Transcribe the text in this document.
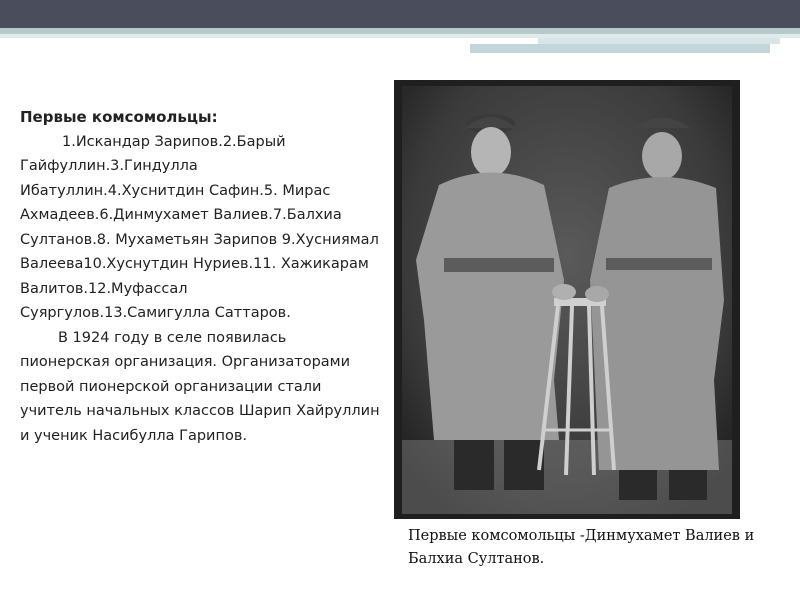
Первые комсомольцы:
1.Искандар Зарипов.2.Барый Гайфуллин.3.Гиндулла Ибатуллин.4.Хуснитдин Сафин.5. Мирас Ахмадеев.6.Динмухамет Валиев.7.Балхиа Султанов.8. Мухаметьян Зарипов 9.Хусниямал Валеева10.Хуснутдин Нуриев.11. Хажикарам Валитов.12.Муфассал Суяргулов.13.Самигулла Саттаров.
В 1924 году в селе появилась пионерская организация. Организаторами первой пионерской организации стали учитель начальных классов Шарип Хайруллин и ученик Насибулла Гарипов.
Первые комсомольцы -Динмухамет Валиев и Балхиа Султанов.
